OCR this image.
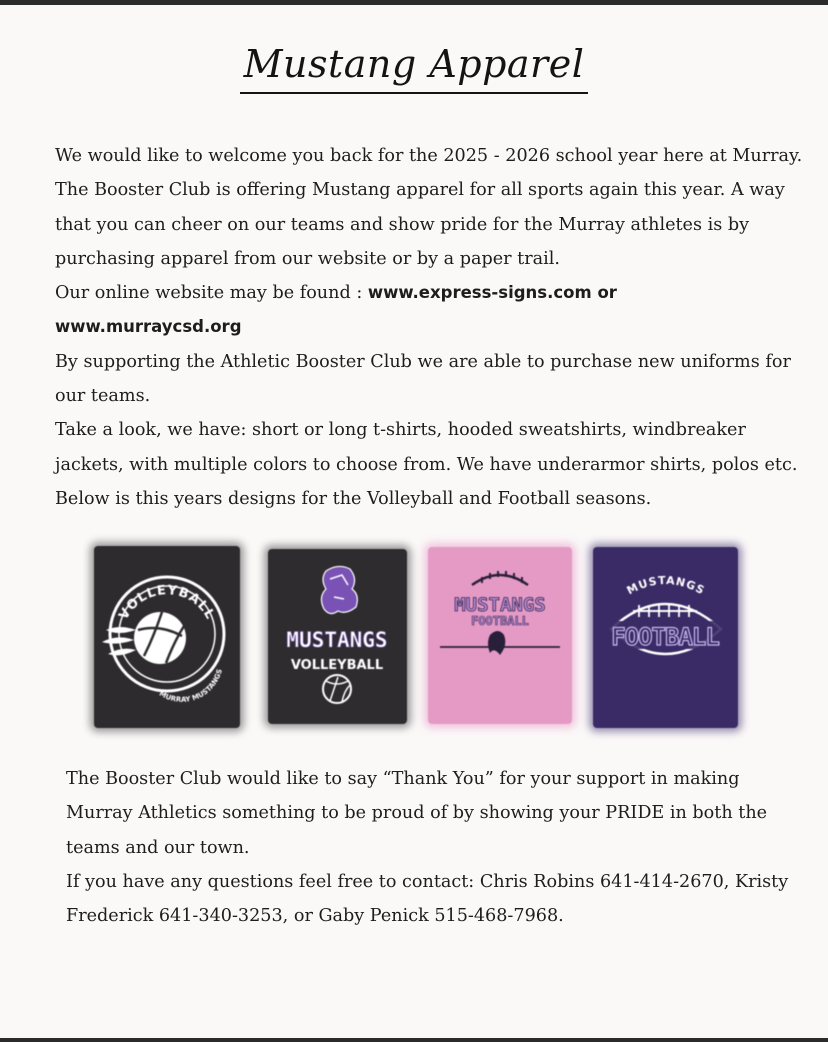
Mustang Apparel

We would like to welcome you back for the 2025 - 2026 school year here at Murray. The Booster Club is offering Mustang apparel for all sports again this year. A way that you can cheer on our teams and show pride for the Murray athletes is by purchasing apparel from our website or by a paper trail.

Our online website may be found : www.express-signs.com or
www.murraycsd.org

By supporting the Athletic Booster Club we are able to purchase new uniforms for our teams.

Take a look, we have: short or long t-shirts, hooded sweatshirts, windbreaker jackets, with multiple colors to choose from. We have underarmor shirts, polos etc. Below is this years designs for the Volleyball and Football seasons.

VOLLEYBALL
MURRAY MUSTANGS
MUSTANGS
VOLLEYBALL
MUSTANGS
FOOTBALL
MUSTANGS
FOOTBALL

The Booster Club would like to say “Thank You” for your support in making Murray Athletics something to be proud of by showing your PRIDE in both the teams and our town.

If you have any questions feel free to contact: Chris Robins 641-414-2670, Kristy Frederick 641-340-3253, or Gaby Penick 515-468-7968.
